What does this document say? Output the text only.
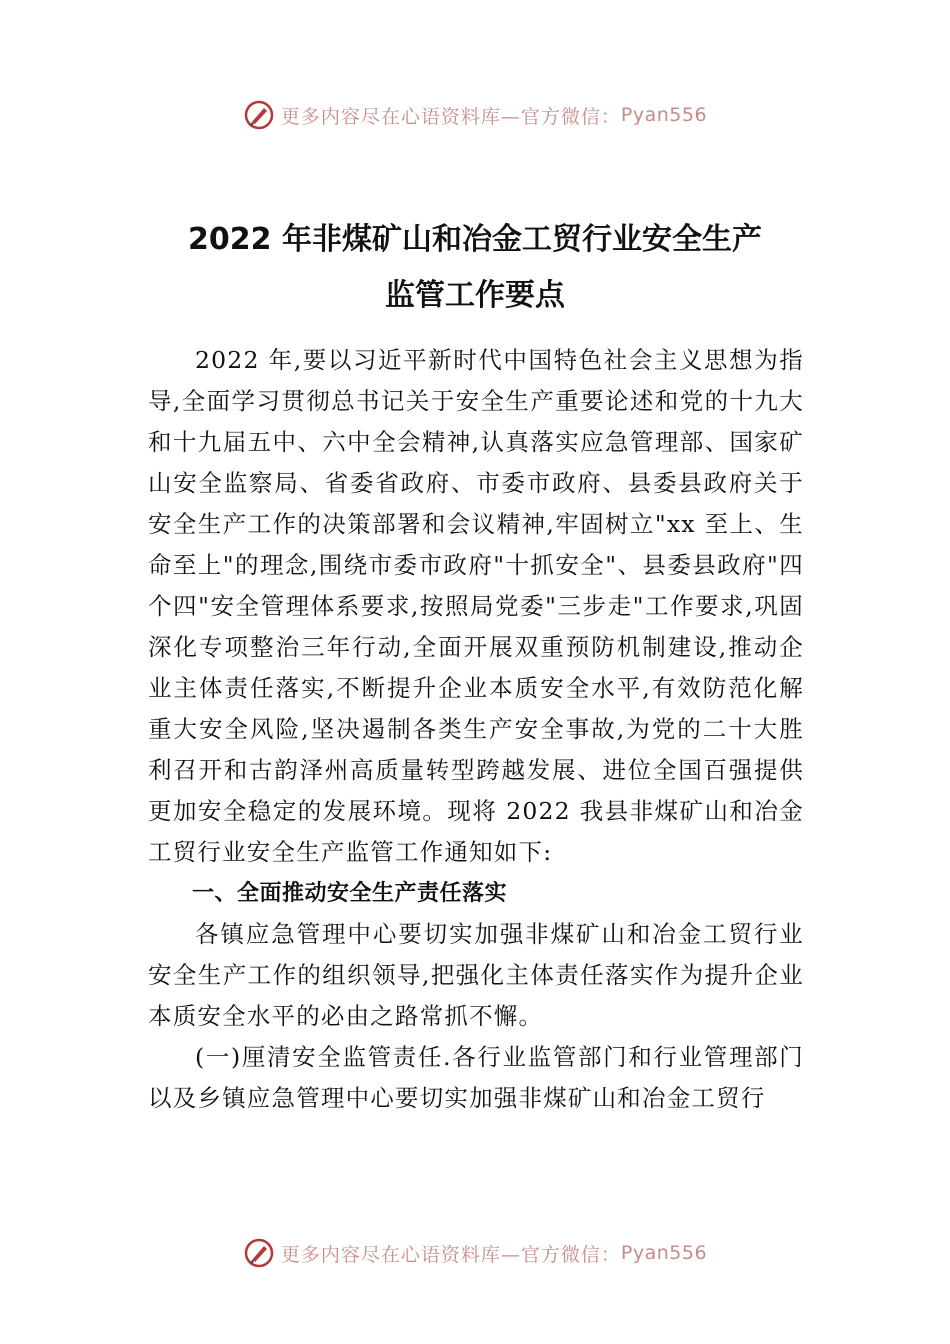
更多内容尽在心语资料库—官方微信： Pyan556
2022 年非煤矿山和冶金工贸行业安全生产
监管工作要点

2022 年,要以习近平新时代中国特色社会主义思想为指导,全面学习贯彻总书记关于安全生产重要论述和党的十九大和十九届五中、六中全会精神,认真落实应急管理部、国家矿山安全监察局、省委省政府、市委市政府、县委县政府关于安全生产工作的决策部署和会议精神,牢固树立"xx 至上、生命至上"的理念,围绕市委市政府"十抓安全"、县委县政府"四个四"安全管理体系要求,按照局党委"三步走"工作要求,巩固深化专项整治三年行动,全面开展双重预防机制建设,推动企业主体责任落实,不断提升企业本质安全水平,有效防范化解重大安全风险,坚决遏制各类生产安全事故,为党的二十大胜利召开和古韵泽州高质量转型跨越发展、进位全国百强提供更加安全稳定的发展环境。现将 2022 我县非煤矿山和冶金工贸行业安全生产监管工作通知如下:

一、全面推动安全生产责任落实

各镇应急管理中心要切实加强非煤矿山和冶金工贸行业安全生产工作的组织领导,把强化主体责任落实作为提升企业本质安全水平的必由之路常抓不懈。

(一)厘清安全监管责任.各行业监管部门和行业管理部门以及乡镇应急管理中心要切实加强非煤矿山和冶金工贸行

更多内容尽在心语资料库—官方微信： Pyan556
